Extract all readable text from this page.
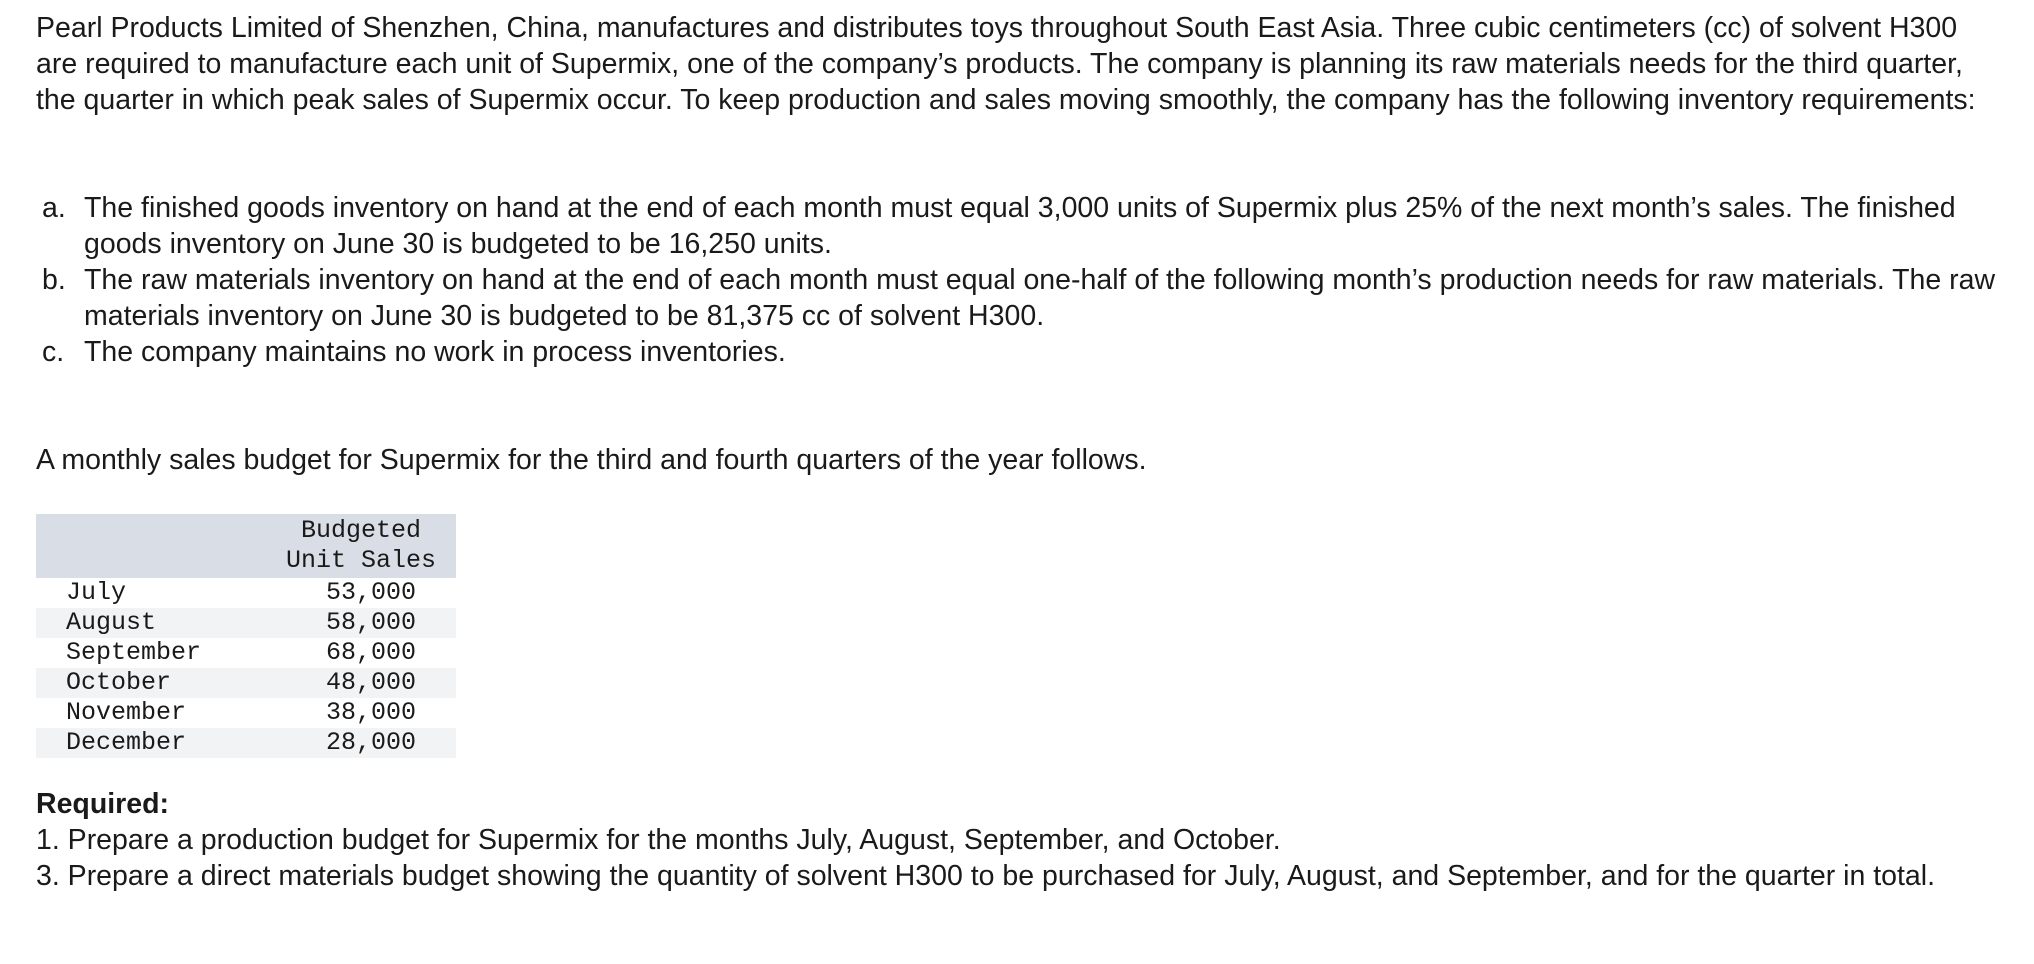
Pearl Products Limited of Shenzhen, China, manufactures and distributes toys throughout South East Asia. Three cubic centimeters (cc) of solvent H300 are required to manufacture each unit of Supermix, one of the company’s products. The company is planning its raw materials needs for the third quarter, the quarter in which peak sales of Supermix occur. To keep production and sales moving smoothly, the company has the following inventory requirements:

a. The finished goods inventory on hand at the end of each month must equal 3,000 units of Supermix plus 25% of the next month’s sales. The finished goods inventory on June 30 is budgeted to be 16,250 units.
b. The raw materials inventory on hand at the end of each month must equal one-half of the following month’s production needs for raw materials. The raw materials inventory on June 30 is budgeted to be 81,375 cc of solvent H300.
c. The company maintains no work in process inventories.

A monthly sales budget for Supermix for the third and fourth quarters of the year follows.

	Budgeted
Unit Sales
July	53,000
August	58,000
September	68,000
October	48,000
November	38,000
December	28,000
Required:

1. Prepare a production budget for Supermix for the months July, August, September, and October.

3. Prepare a direct materials budget showing the quantity of solvent H300 to be purchased for July, August, and September, and for the quarter in total.
